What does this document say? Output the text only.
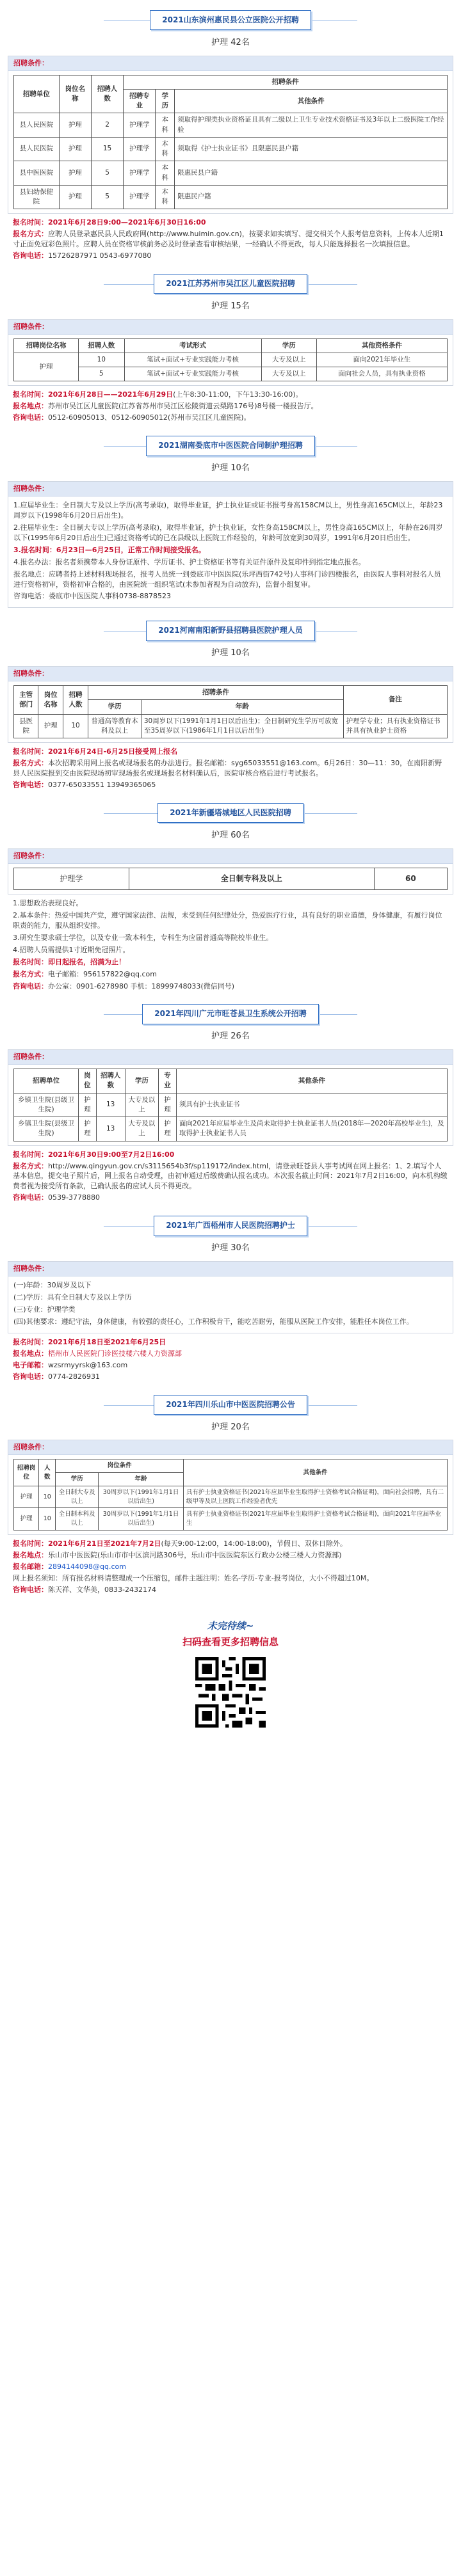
2021山东滨州惠民县公立医院公开招聘
护理 42名
招聘条件：
招聘单位	岗位名称	招聘人数	招聘条件		
			招聘专业	学历	其他条件
县人民医院	护理	2	护理学	本科	须取得护理类执业资格证且具有二级以上卫生专业技术资格证书及3年以上二级医院工作经验
县人民医院	护理	15	护理学	本科	须取得《护士执业证书》且限惠民县户籍
县中医医院	护理	5	护理学	本科	限惠民县户籍
县妇幼保健院	护理	5	护理学	本科	限惠民户籍

报名时间：2021年6月28日9:00—2021年6月30日16:00

报名方式：应聘人员登录惠民县人民政府网(http://www.huimin.gov.cn)，按要求如实填写、提交相关个人报考信息资料，上传本人近期1寸正面免冠彩色照片。应聘人员在资格审核前务必及时登录查看审核结果，一经确认不得更改，每人只能选择报名一次填报信息。

咨询电话：15726287971 0543-6977080

2021江苏苏州市吴江区儿童医院招聘
护理 15名
招聘条件：
招聘岗位名称	招聘人数	考试形式	学历	其他资格条件
护理	10	笔试+面试+专业实践能力考核	大专及以上	面向2021年毕业生
	5	笔试+面试+专业实践能力考核	大专及以上	面向社会人员，具有执业资格

报名时间：2021年6月28日——2021年6月29日(上午8:30-11:00，下午13:30-16:00)。

报名地点：苏州市吴江区儿童医院(江苏省苏州市吴江区松陵街道云梨路176号)8号楼一楼报告厅。

咨询电话：0512-60905013、0512-60905012(苏州市吴江区儿童医院)。

2021湖南娄底市中医医院合同制护理招聘
护理 10名
招聘条件：

1.应届毕业生：全日制大专及以上学历(高考录取)，取得毕业证，护士执业证或证书报考身高158CM以上，男性身高165CM以上，年龄23周岁以下(1998年6月20日后出生)。

2.往届毕业生：全日制大专以上学历(高考录取)，取得毕业证，护士执业证，女性身高158CM以上，男性身高165CM以上，年龄在26周岁以下(1995年6月20日后出生)已通过资格考试的已在县级以上医院工作经验的，年龄可放宽到30周岁，1991年6月20日后出生。

3.报名时间：6月23日—6月25日，正常工作时间接受报名。

4.报名办法：报名者须携带本人身份证原件、学历证书、护士资格证书等有关证件原件及复印件到指定地点报名。

报名地点：应聘者持上述材料现场报名，报考人员统一到娄底市中医医院(乐坪西街742号)人事科门诊四楼报名，由医院人事科对报名人员进行资格初审，资格初审合格的，由医院统一组织笔试(未参加者视为自动放弃)，监督小组复审。

咨询电话：娄底市中医医院人事科0738-8878523

2021河南南阳新野县招聘县医院护理人员
护理 10名
招聘条件：
主管部门	岗位名称	招聘人数	招聘条件		备注
			学历	年龄	
县医院	护理	10	普通高等教育本科及以上	30周岁以下(1991年1月1日以后出生)；全日制研究生学历可放宽至35周岁以下(1986年1月1日以后出生)	护理学专业；具有执业资格证书并具有执业护士资格

报名时间：2021年6月24日-6月25日接受网上报名

报名方式：本次招聘采用网上报名或现场报名的办法进行。报名邮箱：syg65033551@163.com。6月26日：30—11：30，在南阳新野县人民医院报到交由医院现场初审现场报名或现场报名材料确认后，医院审核合格后进行考试报名。

咨询电话：0377-65033551 13949365065

2021年新疆塔城地区人民医院招聘
护理 60名
招聘条件：
护理学	全日制专科及以上	60

1.思想政治表现良好。

2.基本条件：热爱中国共产党，遵守国家法律、法规，未受到任何纪律处分，热爱医疗行业，具有良好的职业道德，身体健康，有履行岗位职责的能力，服从组织安排。

3.研究生要求硕士学位，以及专业一致本科生，专科生为应届普通高等院校毕业生。

4.招聘人员需提供1寸近期免冠照片。

报名时间：即日起报名，招满为止！

报名方式：电子邮箱：956157822@qq.com

咨询电话：办公室：0901-6278980 手机：18999748033(微信同号)

2021年四川广元市旺苍县卫生系统公开招聘
护理 26名
招聘条件：
招聘单位	岗位	招聘人数	学历	专业	其他条件
乡镇卫生院(县级卫生院)	护理	13	大专及以上	护理	须具有护士执业证书
乡镇卫生院(县级卫生院)	护理	13	大专及以上	护理	面向2021年应届毕业生及尚未取得护士执业证书人员(2018年—2020年高校毕业生)，及取得护士执业证书人员

报名时间：2021年6月30日9:00至7月2日16:00

报名方式：http://www.qingyun.gov.cn/s3115654b3f/sp119172/index.html，请登录旺苍县人事考试网在网上报名：1、2.填写个人基本信息，提交电子照片后，网上报名自动受理，由初审通过后缴费确认报名成功。本次报名截止时间：2021年7月2日16:00，向本机构缴费者视为接受所有条款，已确认报名的应试人员不得更改。

咨询电话：0539-3778880

2021年广西梧州市人民医院招聘护士
护理 30名
招聘条件：

(一)年龄：30周岁及以下

(二)学历：具有全日制大专及以上学历

(三)专业：护理学类

(四)其他要求：遵纪守法，身体健康，有较强的责任心，工作积极肯干，能吃苦耐劳，能服从医院工作安排，能胜任本岗位工作。

报名时间：2021年6月18日至2021年6月25日

报名地点：梧州市人民医院门诊医技楼六楼人力资源部

电子邮箱：wzsrmyyrsk@163.com

咨询电话：0774-2826931

2021年四川乐山市中医医院招聘公告
护理 20名
招聘条件：
招聘岗位	人数	岗位条件		其他条件
		学历	年龄	
护理	10	全日制大专及以上	30周岁以下(1991年1月1日以后出生)	具有护士执业资格证书(2021年应届毕业生取得护士资格考试合格证明)，面向社会招聘，具有二级甲等及以上医院工作经验者优先
护理	10	全日制本科及以上	30周岁以下(1991年1月1日以后出生)	具有护士执业资格证书(2021年应届毕业生取得护士资格考试合格证明)，面向2021年应届毕业生

报名时间：2021年6月21日至2021年7月2日(每天9:00-12:00，14:00-18:00)，节假日、双休日除外。

报名地点：乐山市中医医院(乐山市市中区滨河路306号，乐山市中医医院东区行政办公楼三楼人力资源部)

报名邮箱：2894144098@qq.com

网上报名须知：所有报名材料请整理成一个压缩包，邮件主题注明：姓名-学历-专业-报考岗位，大小不得超过10M。

咨询电话：陈天祥、文华美，0833-2432174

未完待续~
扫码查看更多招聘信息
